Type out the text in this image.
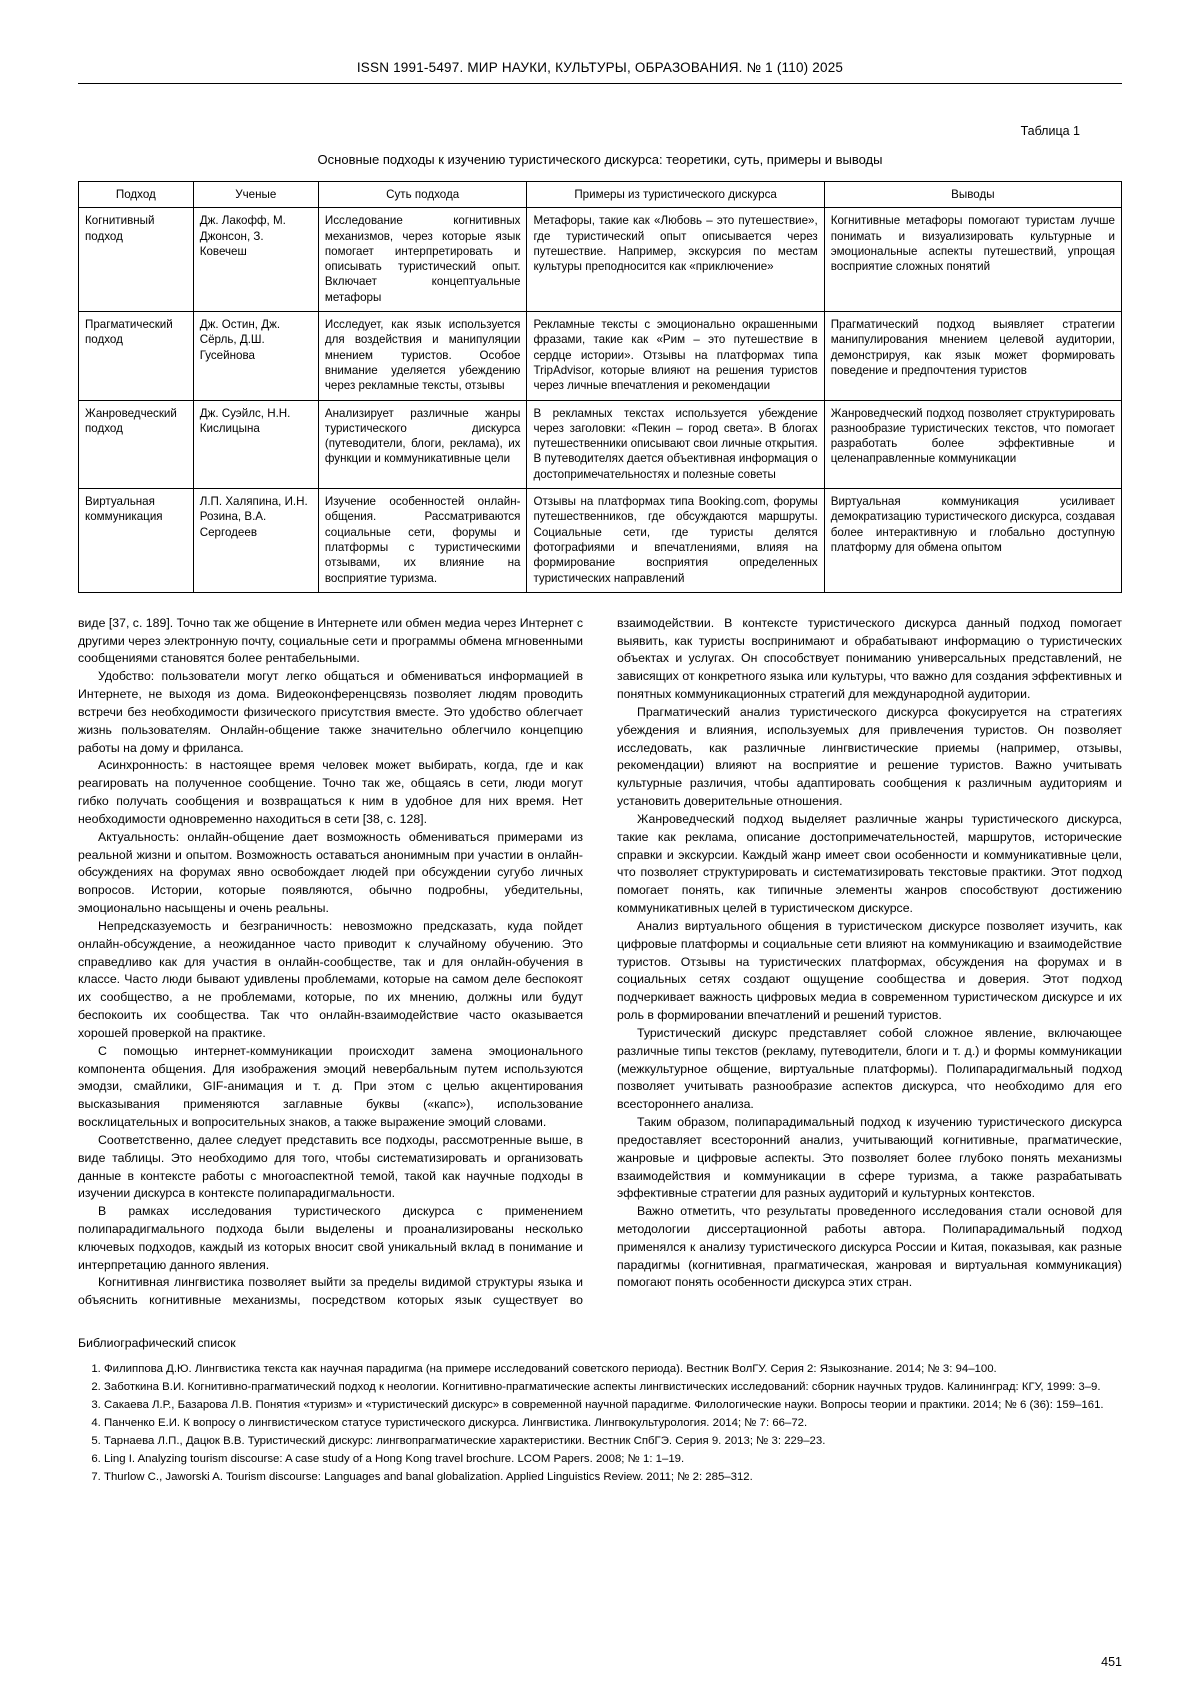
ISSN 1991-5497. МИР НАУКИ, КУЛЬТУРЫ, ОБРАЗОВАНИЯ. № 1 (110) 2025
Таблица 1
Основные подходы к изучению туристического дискурса: теоретики, суть, примеры и выводы
Подход	Ученые	Суть подхода	Примеры из туристического дискурса	Выводы
Когнитивный подход	Дж. Лакофф, М. Джонсон, З. Ковечеш	Исследование когнитивных механизмов, через которые язык помогает интерпретировать и описывать туристический опыт. Включает концептуальные метафоры	Метафоры, такие как «Любовь – это путешествие», где туристический опыт описывается через путешествие. Например, экскурсия по местам культуры преподносится как «приключение»	Когнитивные метафоры помогают туристам лучше понимать и визуализировать культурные и эмоциональные аспекты путешествий, упрощая восприятие сложных понятий
Прагматический подход	Дж. Остин, Дж. Сёрль, Д.Ш. Гусейнова	Исследует, как язык используется для воздействия и манипуляции мнением туристов. Особое внимание уделяется убеждению через рекламные тексты, отзывы	Рекламные тексты с эмоционально окрашенными фразами, такие как «Рим – это путешествие в сердце истории». Отзывы на платформах типа TripAdvisor, которые влияют на решения туристов через личные впечатления и рекомендации	Прагматический подход выявляет стратегии манипулирования мнением целевой аудитории, демонстрируя, как язык может формировать поведение и предпочтения туристов
Жанроведческий подход	Дж. Суэйлс, Н.Н. Кислицына	Анализирует различные жанры туристического дискурса (путеводители, блоги, реклама), их функции и коммуникативные цели	В рекламных текстах используется убеждение через заголовки: «Пекин – город света». В блогах путешественники описывают свои личные открытия. В путеводителях дается объективная информация о достопримечательностях и полезные советы	Жанроведческий подход позволяет структурировать разнообразие туристических текстов, что помогает разработать более эффективные и целенаправленные коммуникации
Виртуальная коммуникация	Л.П. Халяпина, И.Н. Розина, В.А. Сергодеев	Изучение особенностей онлайн-общения. Рассматриваются социальные сети, форумы и платформы с туристическими отзывами, их влияние на восприятие туризма.	Отзывы на платформах типа Booking.com, форумы путешественников, где обсуждаются маршруты. Социальные сети, где туристы делятся фотографиями и впечатлениями, влияя на формирование восприятия определенных туристических направлений	Виртуальная коммуникация усиливает демократизацию туристического дискурса, создавая более интерактивную и глобально доступную платформу для обмена опытом

виде [37, с. 189]. Точно так же общение в Интернете или обмен медиа через Интернет с другими через электронную почту, социальные сети и программы обмена мгновенными сообщениями становятся более рентабельными.

Удобство: пользователи могут легко общаться и обмениваться информацией в Интернете, не выходя из дома. Видеоконференцсвязь позволяет людям проводить встречи без необходимости физического присутствия вместе. Это удобство облегчает жизнь пользователям. Онлайн-общение также значительно облегчило концепцию работы на дому и фриланса.

Асинхронность: в настоящее время человек может выбирать, когда, где и как реагировать на полученное сообщение. Точно так же, общаясь в сети, люди могут гибко получать сообщения и возвращаться к ним в удобное для них время. Нет необходимости одновременно находиться в сети [38, с. 128].

Актуальность: онлайн-общение дает возможность обмениваться примерами из реальной жизни и опытом. Возможность оставаться анонимным при участии в онлайн-обсуждениях на форумах явно освобождает людей при обсуждении сугубо личных вопросов. Истории, которые появляются, обычно подробны, убедительны, эмоционально насыщены и очень реальны.

Непредсказуемость и безграничность: невозможно предсказать, куда пойдет онлайн-обсуждение, а неожиданное часто приводит к случайному обучению. Это справедливо как для участия в онлайн-сообществе, так и для онлайн-обучения в классе. Часто люди бывают удивлены проблемами, которые на самом деле беспокоят их сообщество, а не проблемами, которые, по их мнению, должны или будут беспокоить их сообщества. Так что онлайн-взаимодействие часто оказывается хорошей проверкой на практике.

С помощью интернет-коммуникации происходит замена эмоционального компонента общения. Для изображения эмоций невербальным путем используются эмодзи, смайлики, GIF-анимация и т. д. При этом с целью акцентирования высказывания применяются заглавные буквы («капс»), использование восклицательных и вопросительных знаков, а также выражение эмоций словами.

Соответственно, далее следует представить все подходы, рассмотренные выше, в виде таблицы. Это необходимо для того, чтобы систематизировать и организовать данные в контексте работы с многоаспектной темой, такой как научные подходы в изучении дискурса в контексте полипарадигмальности.

В рамках исследования туристического дискурса с применением полипарадигмального подхода были выделены и проанализированы несколько ключевых подходов, каждый из которых вносит свой уникальный вклад в понимание и интерпретацию данного явления.

Когнитивная лингвистика позволяет выйти за пределы видимой структуры языка и объяснить когнитивные механизмы, посредством которых язык существует во взаимодействии. В контексте туристического дискурса данный подход помогает выявить, как туристы воспринимают и обрабатывают информацию о туристических объектах и услугах. Он способствует пониманию универсальных представлений, не зависящих от конкретного языка или культуры, что важно для создания эффективных и понятных коммуникационных стратегий для международной аудитории.

Прагматический анализ туристического дискурса фокусируется на стратегиях убеждения и влияния, используемых для привлечения туристов. Он позволяет исследовать, как различные лингвистические приемы (например, отзывы, рекомендации) влияют на восприятие и решение туристов. Важно учитывать культурные различия, чтобы адаптировать сообщения к различным аудиториям и установить доверительные отношения.

Жанроведческий подход выделяет различные жанры туристического дискурса, такие как реклама, описание достопримечательностей, маршрутов, исторические справки и экскурсии. Каждый жанр имеет свои особенности и коммуникативные цели, что позволяет структурировать и систематизировать текстовые практики. Этот подход помогает понять, как типичные элементы жанров способствуют достижению коммуникативных целей в туристическом дискурсе.

Анализ виртуального общения в туристическом дискурсе позволяет изучить, как цифровые платформы и социальные сети влияют на коммуникацию и взаимодействие туристов. Отзывы на туристических платформах, обсуждения на форумах и в социальных сетях создают ощущение сообщества и доверия. Этот подход подчеркивает важность цифровых медиа в современном туристическом дискурсе и их роль в формировании впечатлений и решений туристов.

Туристический дискурс представляет собой сложное явление, включающее различные типы текстов (рекламу, путеводители, блоги и т. д.) и формы коммуникации (межкультурное общение, виртуальные платформы). Полипарадигмальный подход позволяет учитывать разнообразие аспектов дискурса, что необходимо для его всестороннего анализа.

Таким образом, полипарадимальный подход к изучению туристического дискурса предоставляет всесторонний анализ, учитывающий когнитивные, прагматические, жанровые и цифровые аспекты. Это позволяет более глубоко понять механизмы взаимодействия и коммуникации в сфере туризма, а также разрабатывать эффективные стратегии для разных аудиторий и культурных контекстов.

Важно отметить, что результаты проведенного исследования стали основой для методологии диссертационной работы автора. Полипарадимальный подход применялся к анализу туристического дискурса России и Китая, показывая, как разные парадигмы (когнитивная, прагматическая, жанровая и виртуальная коммуникация) помогают понять особенности дискурса этих стран.

Библиографический список
1. Филиппова Д.Ю. Лингвистика текста как научная парадигма (на примере исследований советского периода). Вестник ВолГУ. Серия 2: Языкознание. 2014; № 3: 94–100.
2. Заботкина В.И. Когнитивно-прагматический подход к неологии. Когнитивно-прагматические аспекты лингвистических исследований: сборник научных трудов. Калининград: КГУ, 1999: 3–9.
3. Сакаева Л.Р., Базарова Л.В. Понятия «туризм» и «туристический дискурс» в современной научной парадигме. Филологические науки. Вопросы теории и практики. 2014; № 6 (36): 159–161.
4. Панченко Е.И. К вопросу о лингвистическом статусе туристического дискурса. Лингвистика. Лингвокультурология. 2014; № 7: 66–72.
5. Тарнаева Л.П., Дацюк В.В. Туристический дискурс: лингвопрагматические характеристики. Вестник СпбГЭ. Серия 9. 2013; № 3: 229–23.
6. Ling I. Analyzing tourism discourse: A case study of a Hong Kong travel brochure. LCOM Papers. 2008; № 1: 1–19.
7. Thurlow C., Jaworski A. Tourism discourse: Languages and banal globalization. Applied Linguistics Review. 2011; № 2: 285–312.
451
